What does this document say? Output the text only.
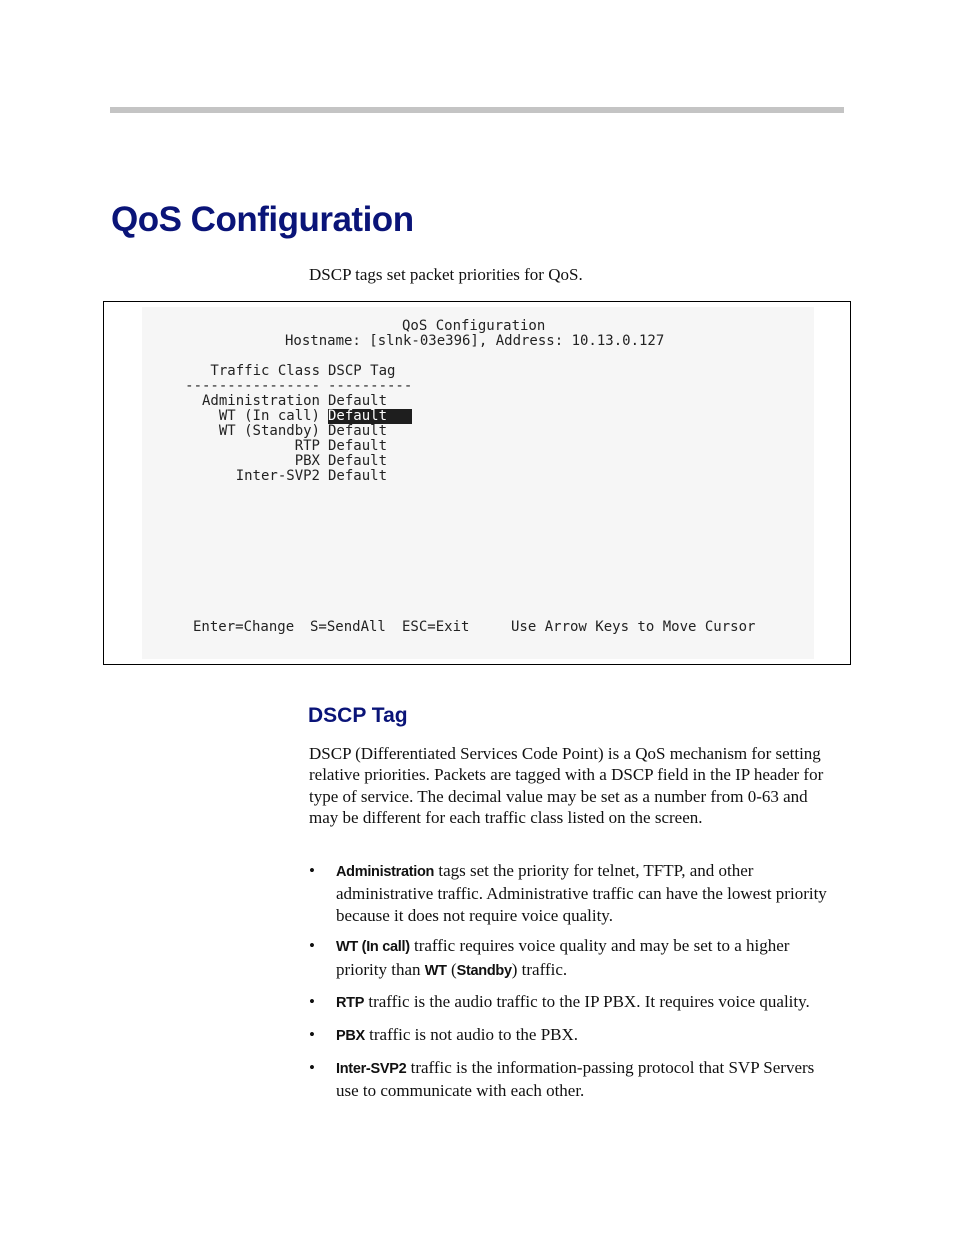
QoS Configuration
DSCP tags set packet priorities for QoS.
QoS Configuration
Hostname: [slnk-03e396], Address: 10.13.0.127
Traffic Class DSCP Tag
---------------- ----------
Administration Default
WT (In call) Default
WT (Standby) Default
RTP Default
PBX Default
Inter-SVP2 Default
Enter=Change S=SendAll ESC=Exit	Use Arrow Keys to Move Cursor
DSCP Tag

DSCP (Differentiated Services Code Point) is a QoS mechanism for setting relative priorities. Packets are tagged with a DSCP field in the IP header for type of service. The decimal value may be set as a number from 0-63 and may be different for each traffic class listed on the screen.

• Administration tags set the priority for telnet, TFTP, and other administrative traffic. Administrative traffic can have the lowest priority because it does not require voice quality.
• WT (In call) traffic requires voice quality and may be set to a higher priority than WT (Standby) traffic.
• RTP traffic is the audio traffic to the IP PBX. It requires voice quality.
• PBX traffic is not audio to the PBX.
• Inter-SVP2 traffic is the information-passing protocol that SVP Servers use to communicate with each other.
